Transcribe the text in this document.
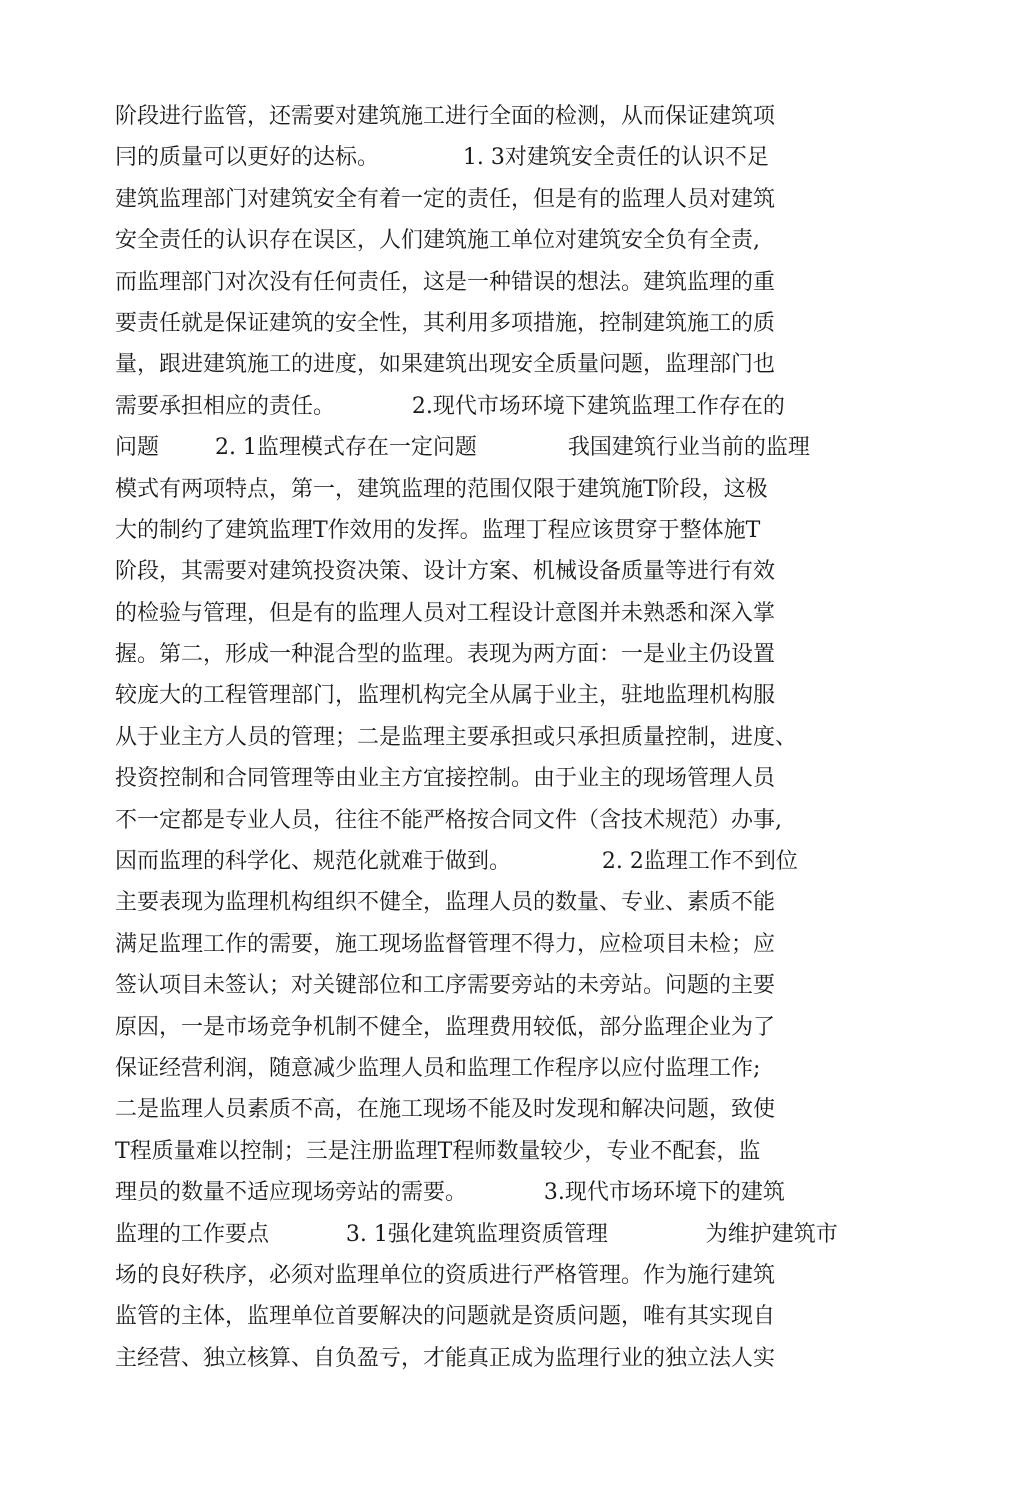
阶段进行监管，还需要对建筑施工进行全面的检测，从而保证建筑项
冃的质量可以更好的达标。            1. 3对建筑安全责任的认识不足
建筑监理部门对建筑安全有着一定的责任，但是有的监理人员对建筑
安全责任的认识存在误区，人们建筑施工单位对建筑安全负有全责,
而监理部门对次没有任何责任，这是一种错误的想法。建筑监理的重
要责任就是保证建筑的安全性，其利用多项措施，控制建筑施工的质
量，跟进建筑施工的进度，如果建筑出现安全质量问题，监理部门也
需要承担相应的责任。           2.现代市场环境下建筑监理工作存在的
问题        2. 1监理模式存在一定问题             我国建筑行业当前的监理
模式有两项特点，第一，建筑监理的范围仅限于建筑施T阶段，这极
大的制约了建筑监理T作效用的发挥。监理丁程应该贯穿于整体施T
阶段，其需要对建筑投资决策、设计方案、机械设备质量等进行有效
的检验与管理，但是有的监理人员对工程设计意图并未熟悉和深入掌
握。第二，形成一种混合型的监理。表现为两方面：一是业主仍设置
较庞大的工程管理部门，监理机构完全从属于业主，驻地监理机构服
从于业主方人员的管理；二是监理主要承担或只承担质量控制，进度、
投资控制和合同管理等由业主方宜接控制。由于业主的现场管理人员
不一定都是专业人员，往往不能严格按合同文件（含技术规范）办事,
因而监理的科学化、规范化就难于做到。             2. 2监理工作不到位
主要表现为监理机构组织不健全，监理人员的数量、专业、素质不能
满足监理工作的需要，施工现场监督管理不得力，应检项目未检；应
签认项目未签认；对关键部位和工序需要旁站的未旁站。问题的主要
原因，一是市场竞争机制不健全，监理费用较低，部分监理企业为了
保证经营利润，随意减少监理人员和监理工作程序以应付监理工作;
二是监理人员素质不高，在施工现场不能及时发现和解决问题，致使
T程质量难以控制；三是注册监理T程师数量较少，专业不配套，监
理员的数量不适应现场旁站的需要。           3.现代市场环境下的建筑
监理的工作要点           3. 1强化建筑监理资质管理              为维护建筑市
场的良好秩序，必须对监理单位的资质进行严格管理。作为施行建筑
监管的主体，监理单位首要解决的问题就是资质问题，唯有其实现自
主经营、独立核算、自负盈亏，才能真正成为监理行业的独立法人实
